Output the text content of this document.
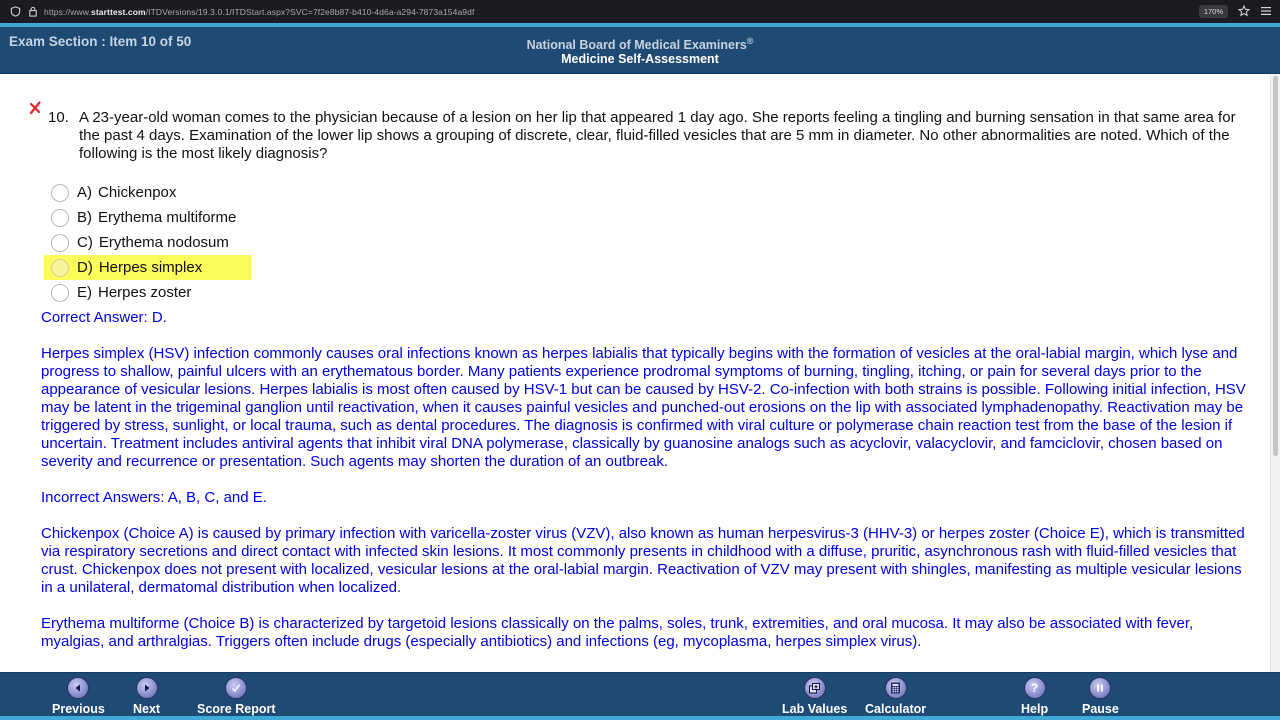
https://www.starttest.com/ITDVersions/19.3.0.1/ITDStart.aspx?SVC=7f2e8b87-b410-4d6a-a294-7873a154a9df	170%
Exam Section : Item 10 of 50	National Board of Medical Examiners®
Medicine Self-Assessment
10. A 23-year-old woman comes to the physician because of a lesion on her lip that appeared 1 day ago. She reports feeling a tingling and burning sensation in that same area for the past 4 days. Examination of the lower lip shows a grouping of discrete, clear, fluid-filled vesicles that are 5 mm in diameter. No other abnormalities are noted. Which of the following is the most likely diagnosis?
A) Chickenpox
B) Erythema multiforme
C) Erythema nodosum
D) Herpes simplex
E) Herpes zoster
Correct Answer: D.
Herpes simplex (HSV) infection commonly causes oral infections known as herpes labialis that typically begins with the formation of vesicles at the oral-labial margin, which lyse and progress to shallow, painful ulcers with an erythematous border. Many patients experience prodromal symptoms of burning, tingling, itching, or pain for several days prior to the appearance of vesicular lesions. Herpes labialis is most often caused by HSV-1 but can be caused by HSV-2. Co-infection with both strains is possible. Following initial infection, HSV may be latent in the trigeminal ganglion until reactivation, when it causes painful vesicles and punched-out erosions on the lip with associated lymphadenopathy. Reactivation may be triggered by stress, sunlight, or local trauma, such as dental procedures. The diagnosis is confirmed with viral culture or polymerase chain reaction test from the base of the lesion if uncertain. Treatment includes antiviral agents that inhibit viral DNA polymerase, classically by guanosine analogs such as acyclovir, valacyclovir, and famciclovir, chosen based on severity and recurrence or presentation. Such agents may shorten the duration of an outbreak.
Incorrect Answers: A, B, C, and E.
Chickenpox (Choice A) is caused by primary infection with varicella-zoster virus (VZV), also known as human herpesvirus-3 (HHV-3) or herpes zoster (Choice E), which is transmitted via respiratory secretions and direct contact with infected skin lesions. It most commonly presents in childhood with a diffuse, pruritic, asynchronous rash with fluid-filled vesicles that crust. Chickenpox does not present with localized, vesicular lesions at the oral-labial margin. Reactivation of VZV may present with shingles, manifesting as multiple vesicular lesions in a unilateral, dermatomal distribution when localized.
Erythema multiforme (Choice B) is characterized by targetoid lesions classically on the palms, soles, trunk, extremities, and oral mucosa. It may also be associated with fever, myalgias, and arthralgias. Triggers often include drugs (especially antibiotics) and infections (eg, mycoplasma, herpes simplex virus).
Previous Next	Score Report	Lab Values Calculator
?
Help	Pause
